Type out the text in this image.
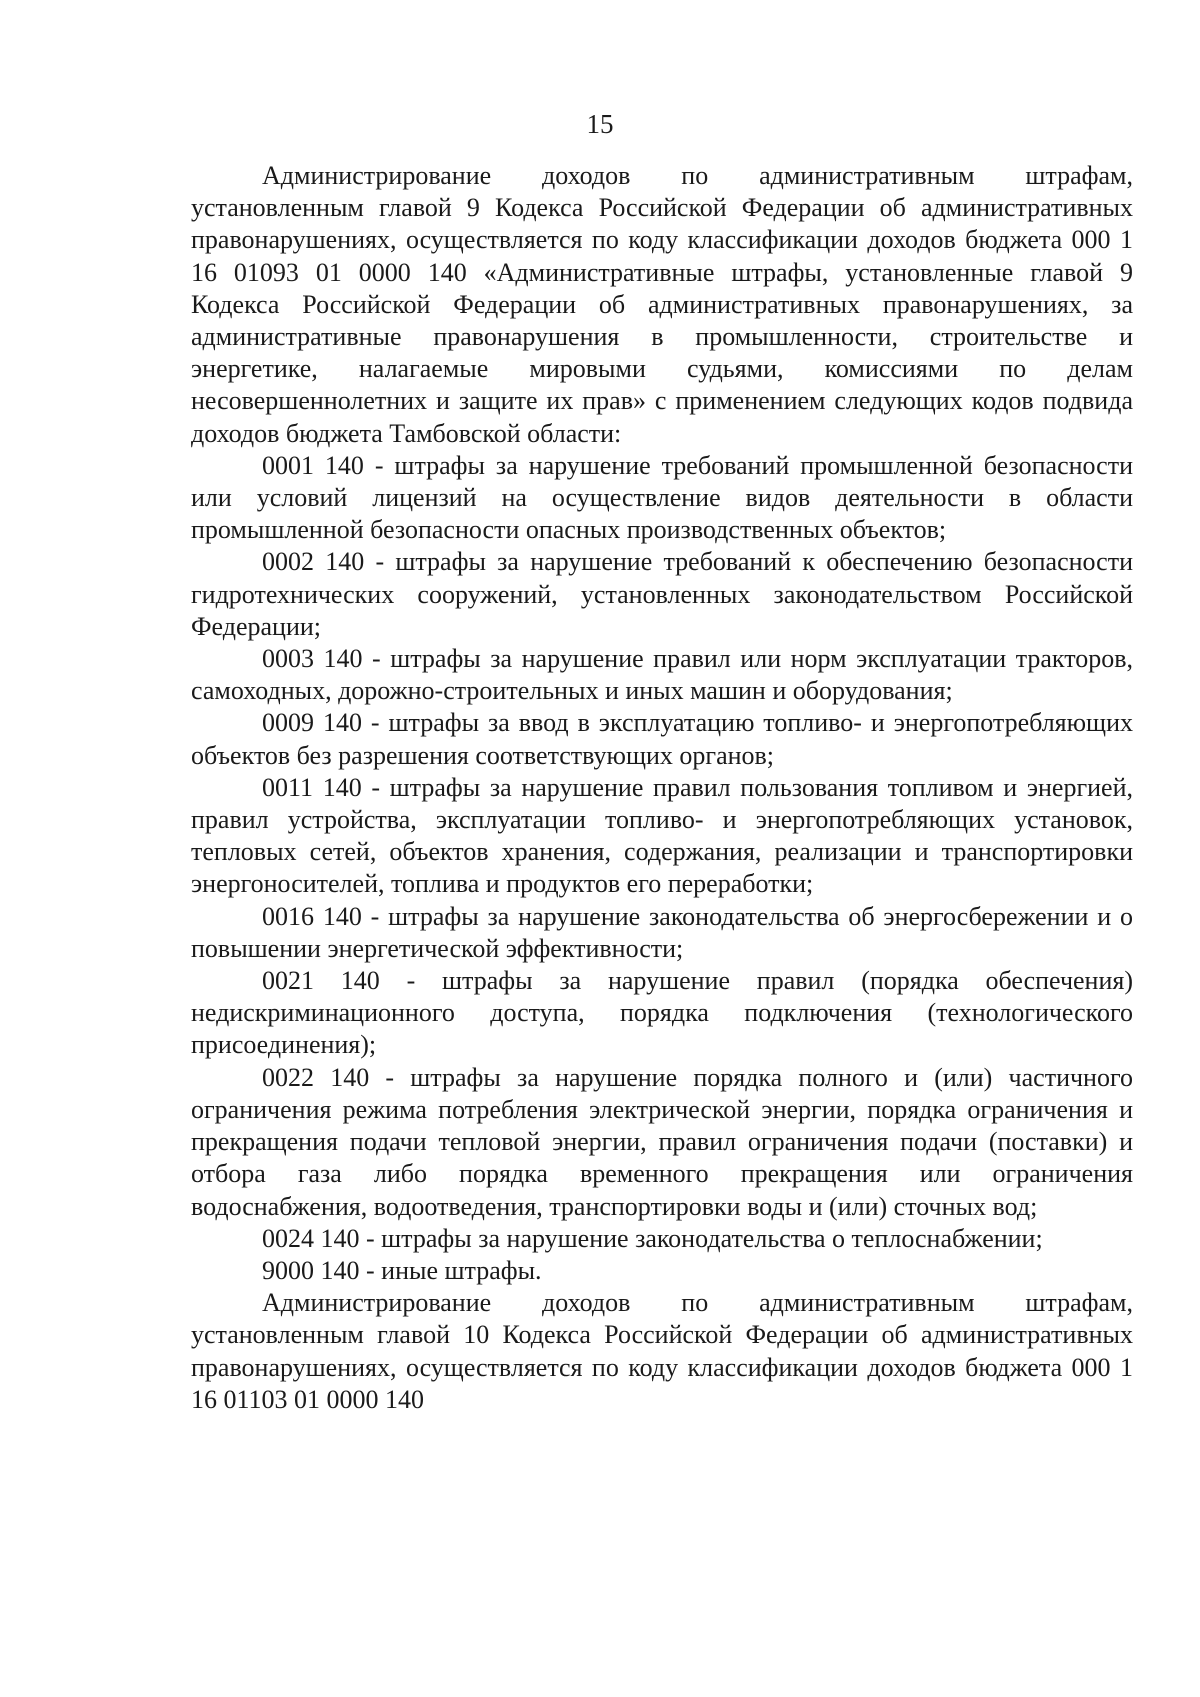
15

Администрирование доходов по административным штрафам, установленным главой 9 Кодекса Российской Федерации об административных правонарушениях, осуществляется по коду классификации доходов бюджета 000 1 16 01093 01 0000 140 «Административные штрафы, установленные главой 9 Кодекса Российской Федерации об административных правонарушениях, за административные правонарушения в промышленности, строительстве и энергетике, налагаемые мировыми судьями, комиссиями по делам несовершеннолетних и защите их прав» с применением следующих кодов подвида доходов бюджета Тамбовской области:

0001 140 - штрафы за нарушение требований промышленной безопасности или условий лицензий на осуществление видов деятельности в области промышленной безопасности опасных производственных объектов;

0002 140 - штрафы за нарушение требований к обеспечению безопасности гидротехнических сооружений, установленных законодательством Российской Федерации;

0003 140 - штрафы за нарушение правил или норм эксплуатации тракторов, самоходных, дорожно-строительных и иных машин и оборудования;

0009 140 - штрафы за ввод в эксплуатацию топливо- и энергопотребляющих объектов без разрешения соответствующих органов;

0011 140 - штрафы за нарушение правил пользования топливом и энергией, правил устройства, эксплуатации топливо- и энергопотребляющих установок, тепловых сетей, объектов хранения, содержания, реализации и транспортировки энергоносителей, топлива и продуктов его переработки;

0016 140 - штрафы за нарушение законодательства об энергосбережении и о повышении энергетической эффективности;

0021 140 - штрафы за нарушение правил (порядка обеспечения) недискриминационного доступа, порядка подключения (технологического присоединения);

0022 140 - штрафы за нарушение порядка полного и (или) частичного ограничения режима потребления электрической энергии, порядка ограничения и прекращения подачи тепловой энергии, правил ограничения подачи (поставки) и отбора газа либо порядка временного прекращения или ограничения водоснабжения, водоотведения, транспортировки воды и (или) сточных вод;

0024 140 - штрафы за нарушение законодательства о теплоснабжении;

9000 140 - иные штрафы.

Администрирование доходов по административным штрафам, установленным главой 10 Кодекса Российской Федерации об административных правонарушениях, осуществляется по коду классификации доходов бюджета 000 1 16 01103 01 0000 140
